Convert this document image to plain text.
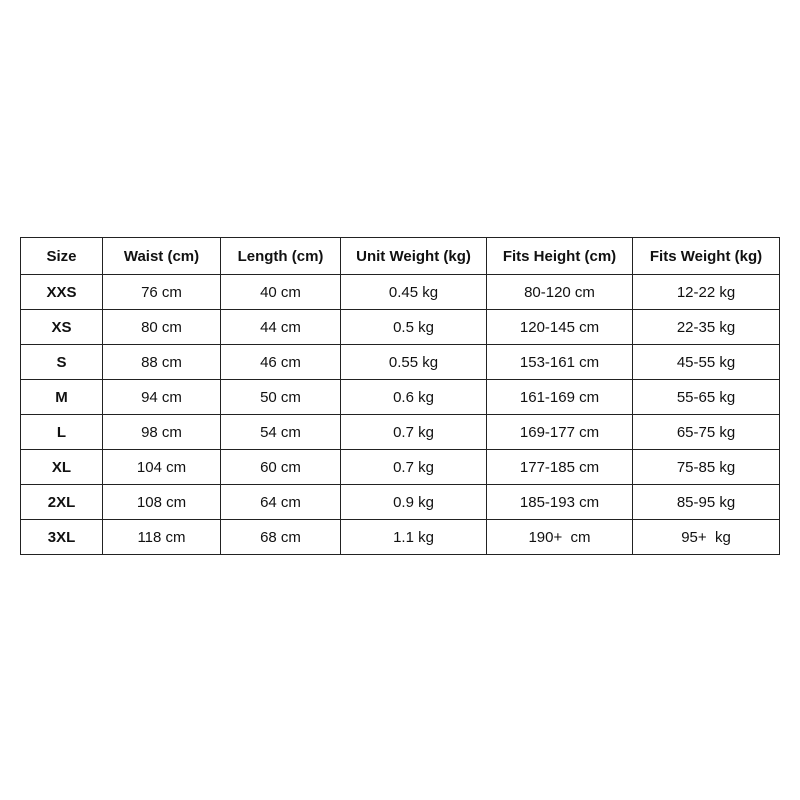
Size	Waist (cm)	Length (cm)	Unit Weight (kg)	Fits Height (cm)	Fits Weight (kg)
XXS	76 cm	40 cm	0.45 kg	80-120 cm	12-22 kg
XS	80 cm	44 cm	0.5 kg	120-145 cm	22-35 kg
S	88 cm	46 cm	0.55 kg	153-161 cm	45-55 kg
M	94 cm	50 cm	0.6 kg	161-169 cm	55-65 kg
L	98 cm	54 cm	0.7 kg	169-177 cm	65-75 kg
XL	104 cm	60 cm	0.7 kg	177-185 cm	75-85 kg
2XL	108 cm	64 cm	0.9 kg	185-193 cm	85-95 kg
3XL	118 cm	68 cm	1.1 kg	190+  cm	95+  kg
